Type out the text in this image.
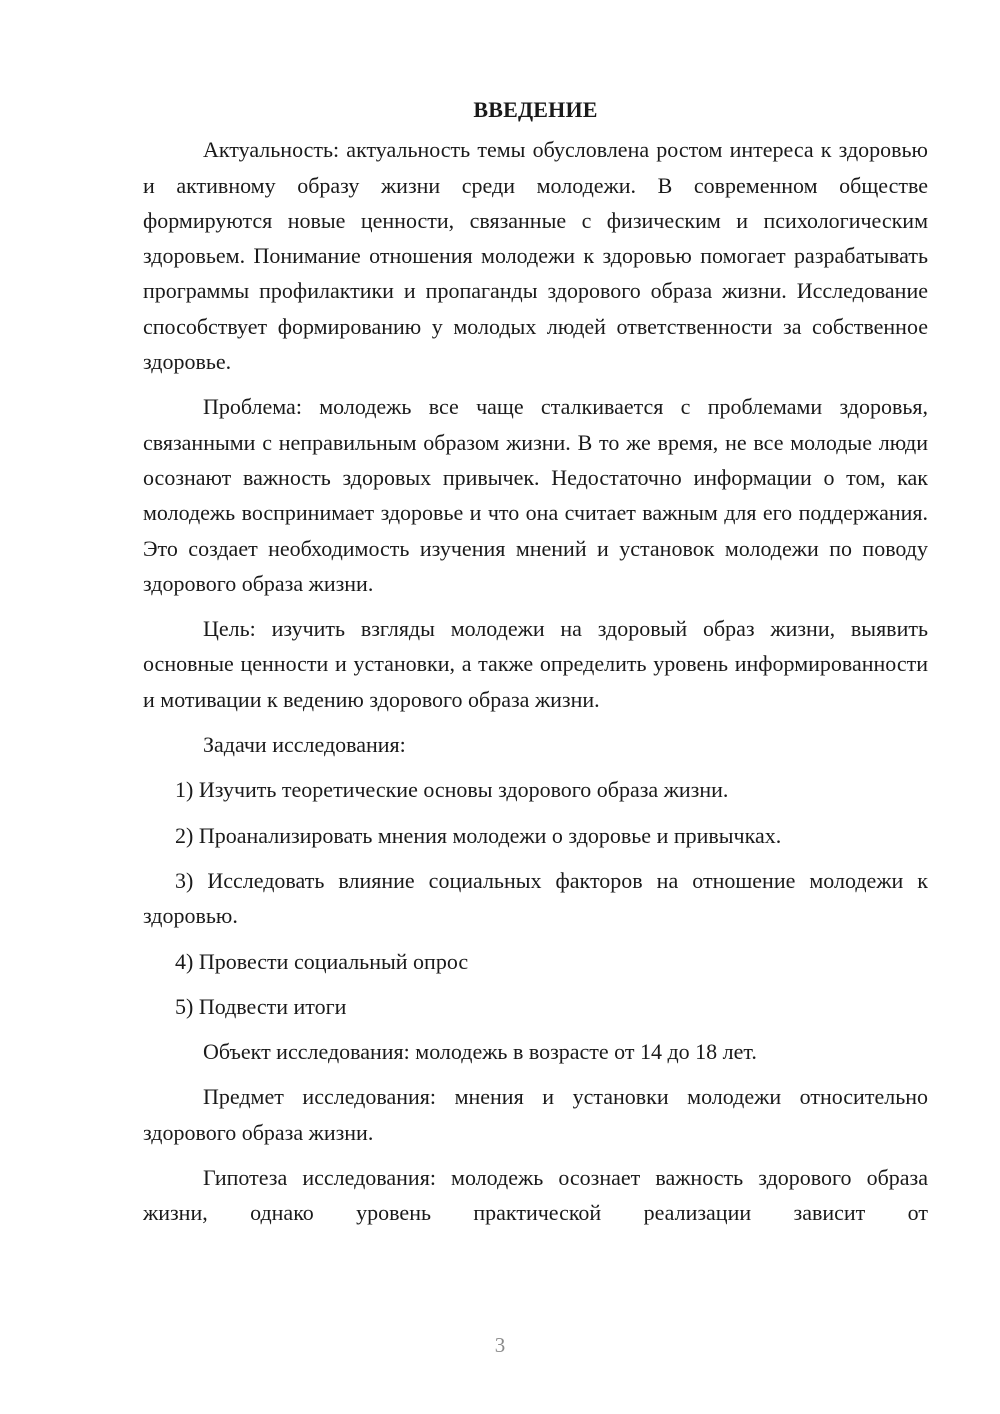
ВВЕДЕНИЕ

Актуальность: актуальность темы обусловлена ростом интереса к здоровью и активному образу жизни среди молодежи. В современном обществе формируются новые ценности, связанные с физическим и психологическим здоровьем. Понимание отношения молодежи к здоровью помогает разрабатывать программы профилактики и пропаганды здорового образа жизни. Исследование способствует формированию у молодых людей ответственности за собственное здоровье.

Проблема: молодежь все чаще сталкивается с проблемами здоровья, связанными с неправильным образом жизни. В то же время, не все молодые люди осознают важность здоровых привычек. Недостаточно информации о том, как молодежь воспринимает здоровье и что она считает важным для его поддержания. Это создает необходимость изучения мнений и установок молодежи по поводу здорового образа жизни.

Цель: изучить взгляды молодежи на здоровый образ жизни, выявить основные ценности и установки, а также определить уровень информированности и мотивации к ведению здорового образа жизни.

Задачи исследования:

1) Изучить теоретические основы здорового образа жизни.

2) Проанализировать мнения молодежи о здоровье и привычках.

3) Исследовать влияние социальных факторов на отношение молодежи к здоровью.

4) Провести социальный опрос

5) Подвести итоги

Объект исследования: молодежь в возрасте от 14 до 18 лет.

Предмет исследования: мнения и установки молодежи относительно здорового образа жизни.

Гипотеза исследования: молодежь осознает важность здорового образа жизни, однако уровень практической реализации зависит от

3
